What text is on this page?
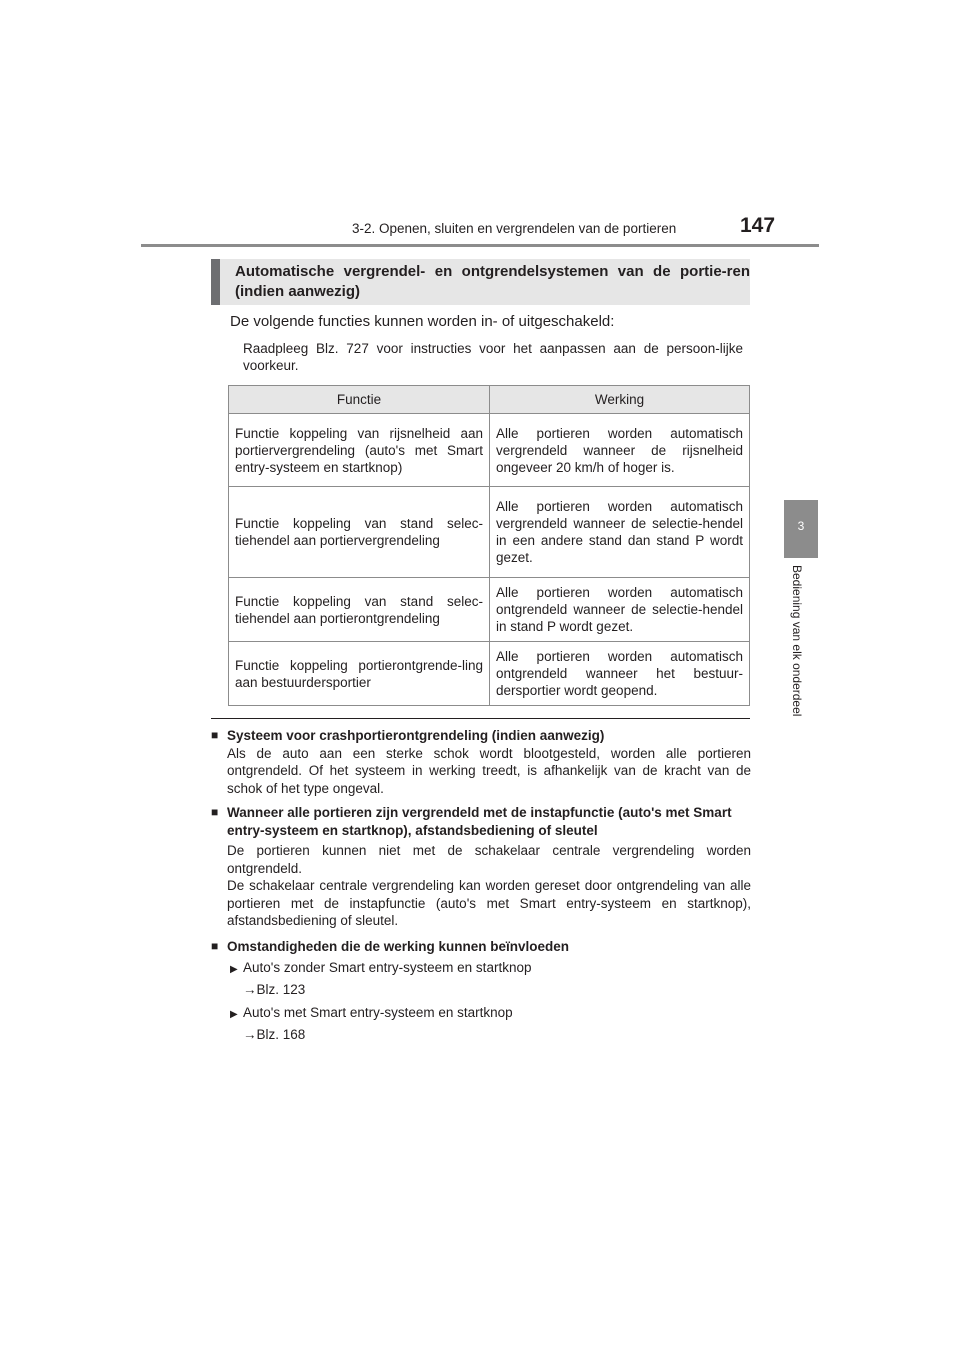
3-2. Openen, sluiten en vergrendelen van de portieren	147
3
Bediening van elk onderdeel
Automatische vergrendel- en ontgrendelsystemen van de portie-ren (indien aanwezig)
De volgende functies kunnen worden in- of uitgeschakeld:
Raadpleeg Blz. 727 voor instructies voor het aanpassen aan de persoon-lijke voorkeur.
Functie	Werking
Functie koppeling van rijsnelheid aan portiervergrendeling (auto's met Smart entry-systeem en startknop)	Alle portieren worden automatisch vergrendeld wanneer de rijsnelheid ongeveer 20 km/h of hoger is.
Functie koppeling van stand selec-tiehendel aan portiervergrendeling	Alle portieren worden automatisch vergrendeld wanneer de selectie-hendel in een andere stand dan stand P wordt gezet.
Functie koppeling van stand selec-tiehendel aan portierontgrendeling	Alle portieren worden automatisch ontgrendeld wanneer de selectie-hendel in stand P wordt gezet.
Functie koppeling portierontgrende-ling aan bestuurdersportier	Alle portieren worden automatisch ontgrendeld wanneer het bestuur-dersportier wordt geopend.
■ Systeem voor crashportierontgrendeling (indien aanwezig)
Als de auto aan een sterke schok wordt blootgesteld, worden alle portieren ontgrendeld. Of het systeem in werking treedt, is afhankelijk van de kracht van de schok of het type ongeval.
■ Wanneer alle portieren zijn vergrendeld met de instapfunctie (auto's met Smart entry-systeem en startknop), afstandsbediening of sleutel
De portieren kunnen niet met de schakelaar centrale vergrendeling worden ontgrendeld.
De schakelaar centrale vergrendeling kan worden gereset door ontgrendeling van alle portieren met de instapfunctie (auto's met Smart entry-systeem en startknop), afstandsbediening of sleutel.
■ Omstandigheden die de werking kunnen beïnvloeden
▶ Auto's zonder Smart entry-systeem en startknop
→Blz. 123
▶ Auto's met Smart entry-systeem en startknop
→Blz. 168
